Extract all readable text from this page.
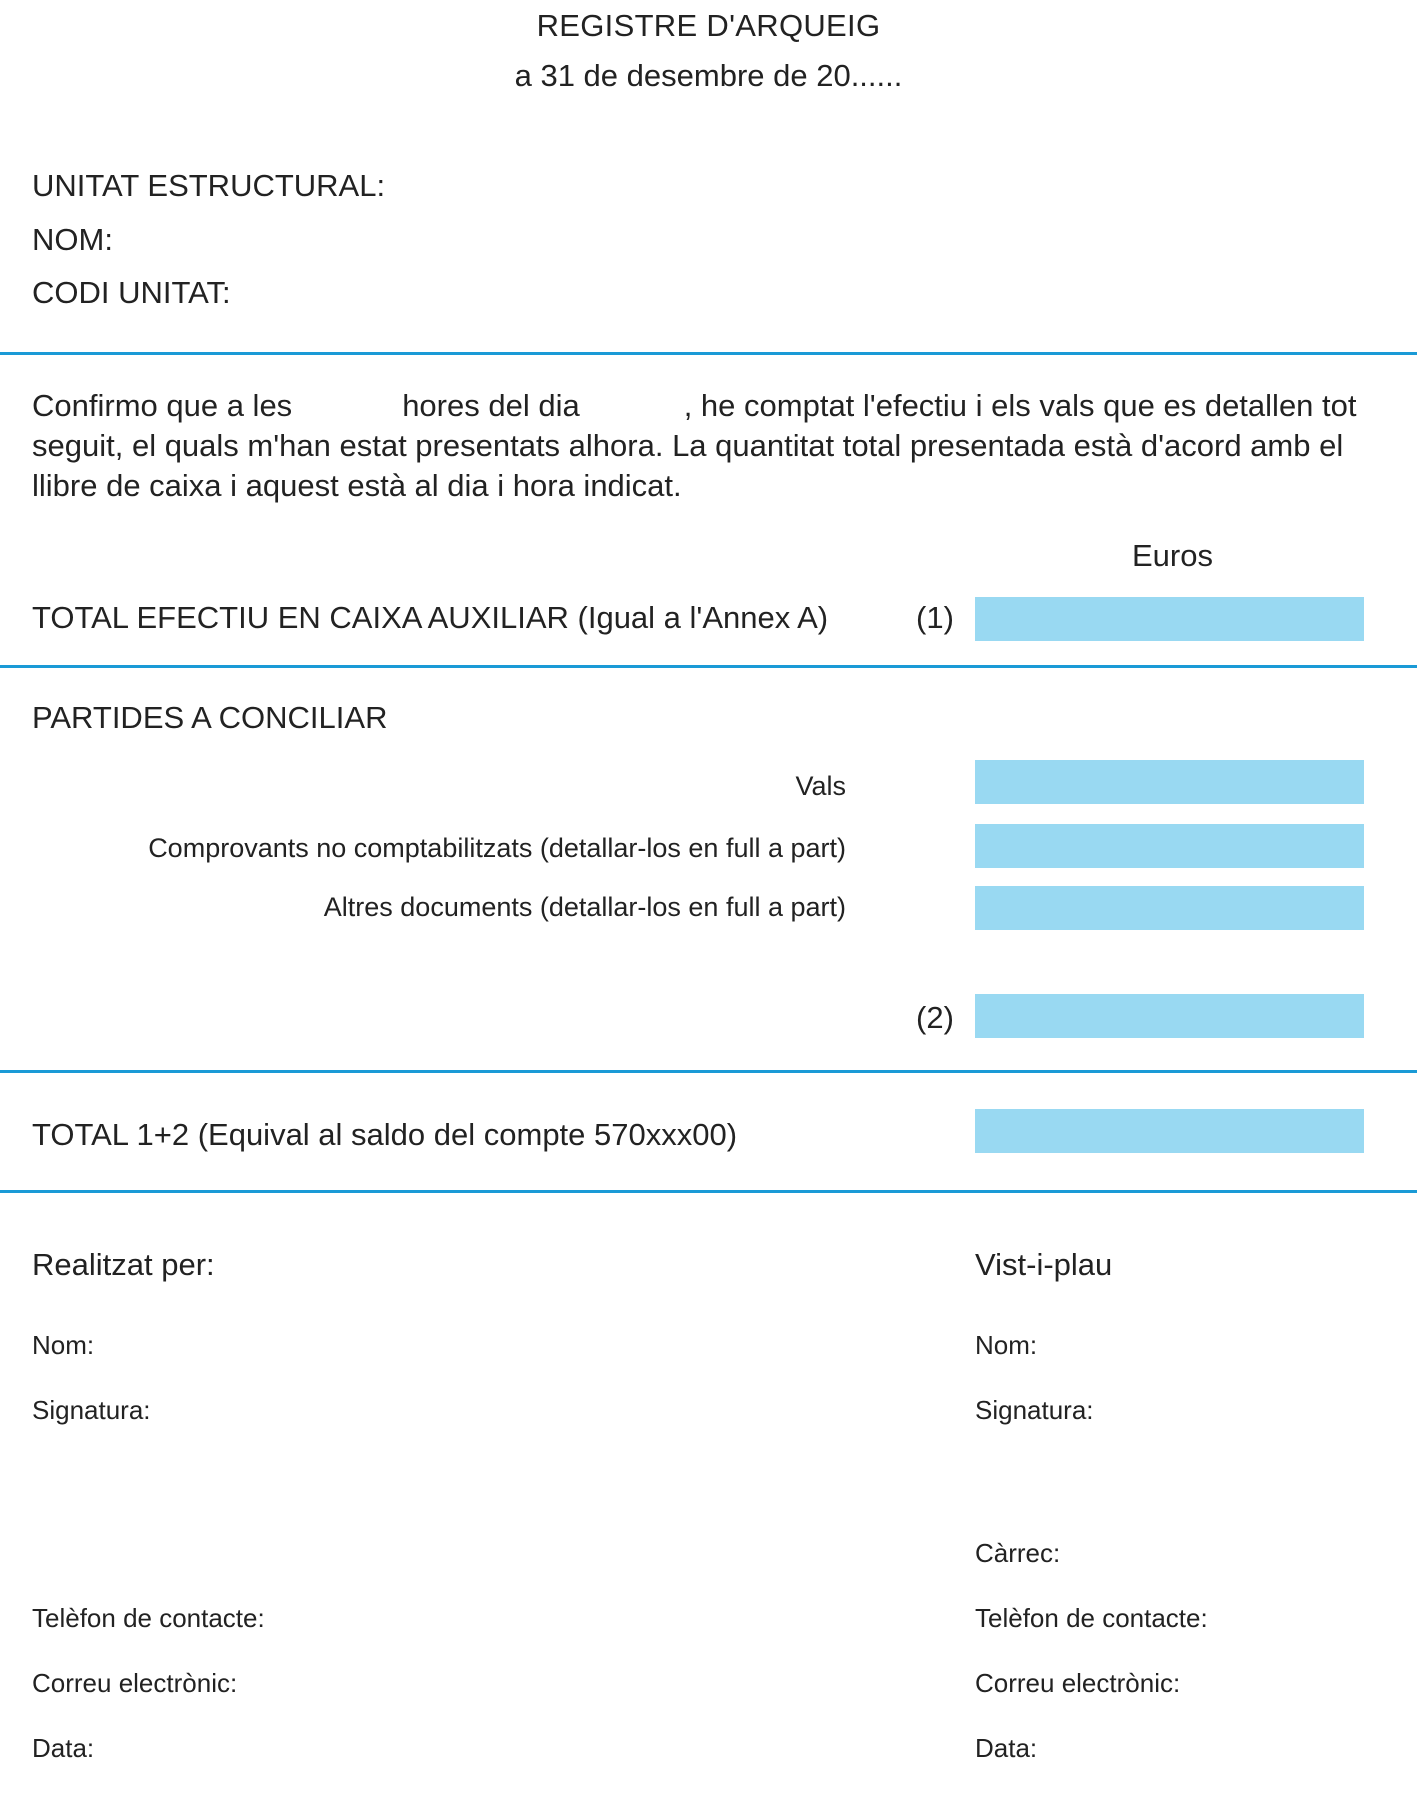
REGISTRE D'ARQUEIG
a 31 de desembre de 20......
UNITAT ESTRUCTURAL:
NOM:
CODI UNITAT:
Confirmo que a les	hores del dia	, he comptat l'efectiu i els vals que es detallen tot seguit, el quals m'han estat presentats alhora. La quantitat total presentada està d'acord amb el llibre de caixa i aquest està al dia i hora indicat.
Euros
TOTAL EFECTIU EN CAIXA AUXILIAR (Igual a l'Annex A)	(1)
PARTIDES A CONCILIAR
Vals
Comprovants no comptabilitzats (detallar-los en full a part)
Altres documents (detallar-los en full a part)
(2)
TOTAL 1+2 (Equival al saldo del compte 570xxx00)
Realitzat per:
Nom:
Signatura:
Telèfon de contacte:
Correu electrònic:
Data:
Vist-i-plau
Nom:
Signatura:
Càrrec:
Telèfon de contacte:
Correu electrònic:
Data:
